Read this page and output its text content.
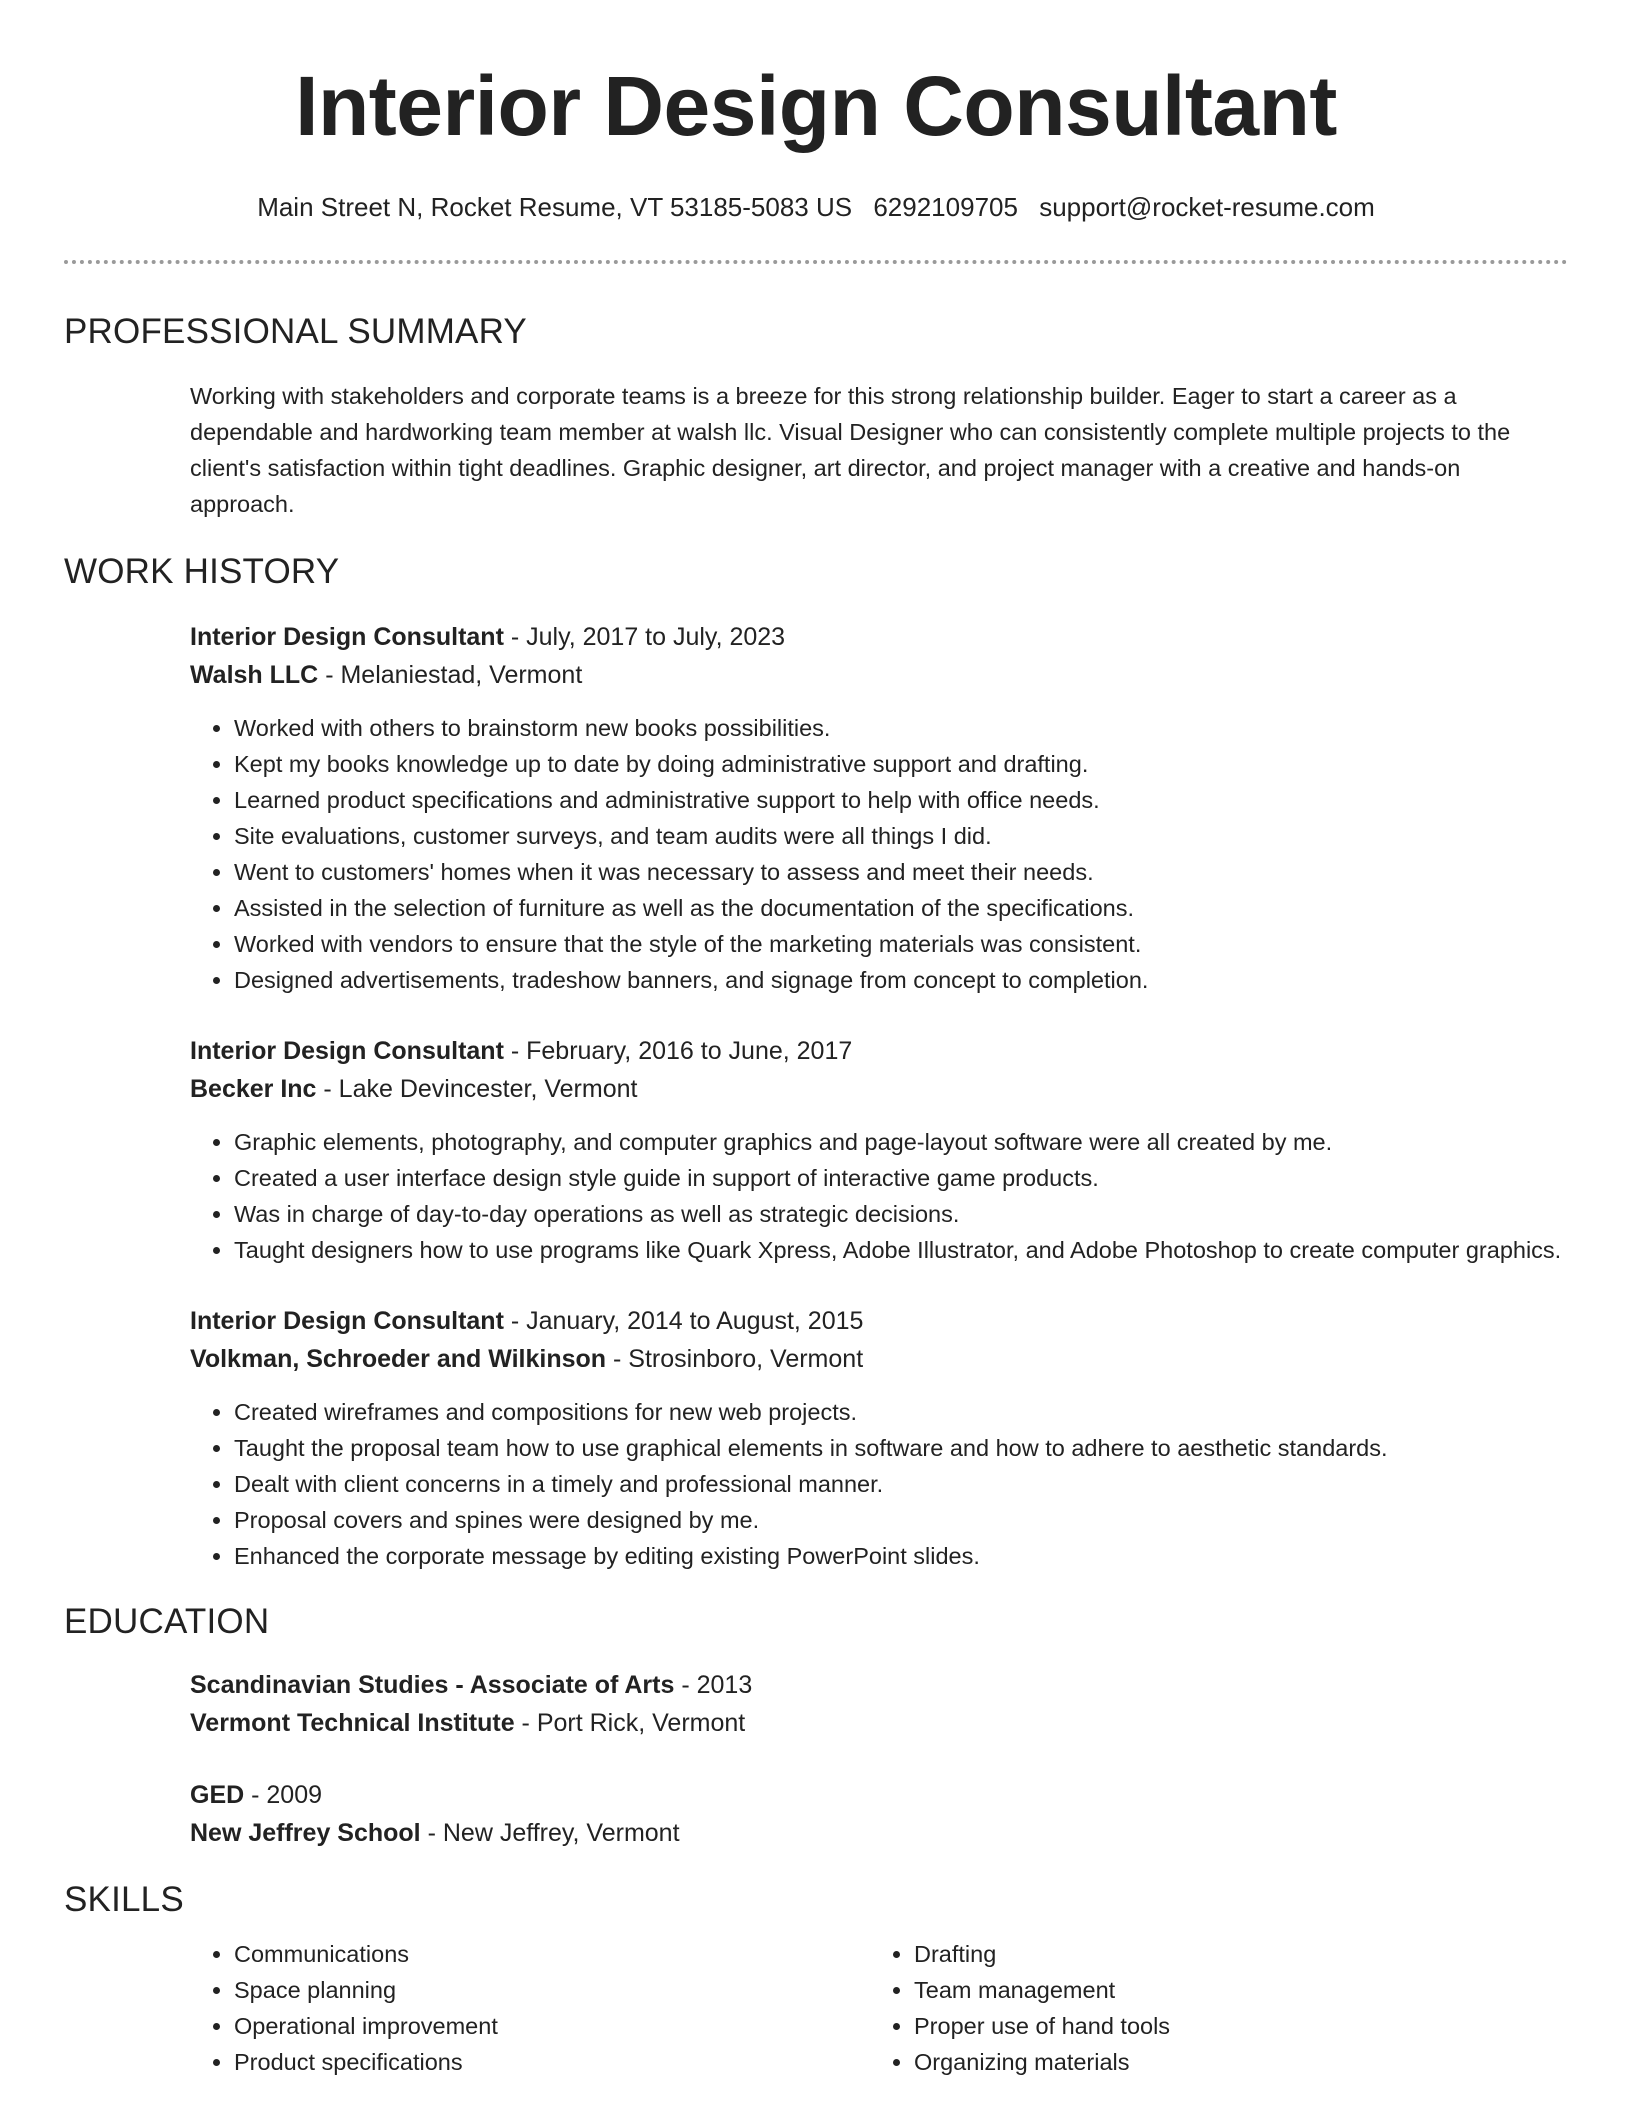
Interior Design Consultant
Main Street N, Rocket Resume, VT 53185-5083 US 6292109705 support@rocket-resume.com
PROFESSIONAL SUMMARY

Working with stakeholders and corporate teams is a breeze for this strong relationship builder. Eager to start a career as a dependable and hardworking team member at walsh llc. Visual Designer who can consistently complete multiple projects to the client's satisfaction within tight deadlines. Graphic designer, art director, and project manager with a creative and hands-on approach.

WORK HISTORY
Interior Design Consultant - July, 2017 to July, 2023
Walsh LLC - Melaniestad, Vermont
• Worked with others to brainstorm new books possibilities.
• Kept my books knowledge up to date by doing administrative support and drafting.
• Learned product specifications and administrative support to help with office needs.
• Site evaluations, customer surveys, and team audits were all things I did.
• Went to customers' homes when it was necessary to assess and meet their needs.
• Assisted in the selection of furniture as well as the documentation of the specifications.
• Worked with vendors to ensure that the style of the marketing materials was consistent.
• Designed advertisements, tradeshow banners, and signage from concept to completion.
Interior Design Consultant - February, 2016 to June, 2017
Becker Inc - Lake Devincester, Vermont
• Graphic elements, photography, and computer graphics and page-layout software were all created by me.
• Created a user interface design style guide in support of interactive game products.
• Was in charge of day-to-day operations as well as strategic decisions.
• Taught designers how to use programs like Quark Xpress, Adobe Illustrator, and Adobe Photoshop to create computer graphics.
Interior Design Consultant - January, 2014 to August, 2015
Volkman, Schroeder and Wilkinson - Strosinboro, Vermont
• Created wireframes and compositions for new web projects.
• Taught the proposal team how to use graphical elements in software and how to adhere to aesthetic standards.
• Dealt with client concerns in a timely and professional manner.
• Proposal covers and spines were designed by me.
• Enhanced the corporate message by editing existing PowerPoint slides.
EDUCATION
Scandinavian Studies - Associate of Arts - 2013
Vermont Technical Institute - Port Rick, Vermont
GED - 2009
New Jeffrey School - New Jeffrey, Vermont
SKILLS
• Communications
• Space planning
• Operational improvement
• Product specifications
• Drafting
• Team management
• Proper use of hand tools
• Organizing materials
